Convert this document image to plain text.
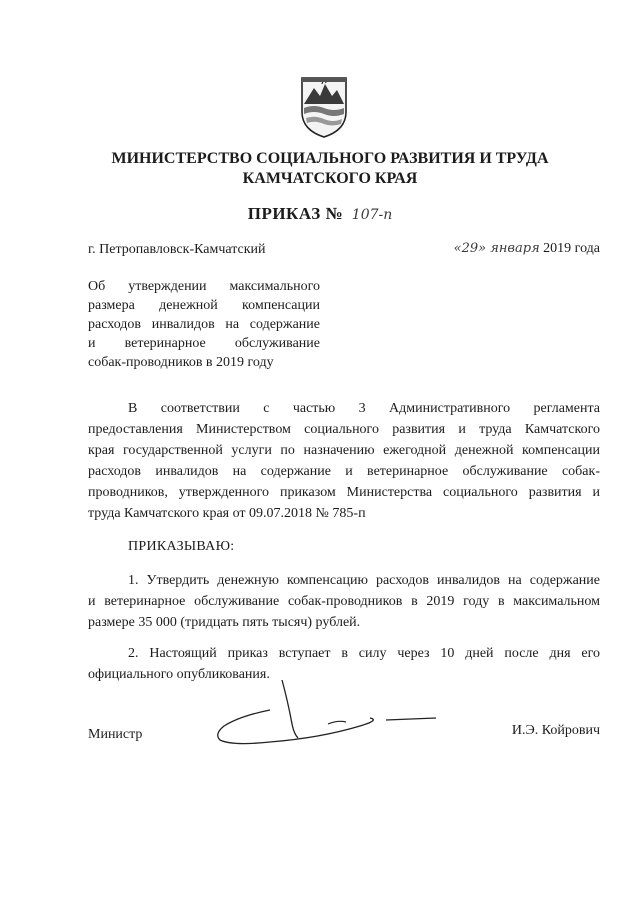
МИНИСТЕРСТВО СОЦИАЛЬНОГО РАЗВИТИЯ И ТРУДА
КАМЧАТСКОГО КРАЯ
ПРИКАЗ № 107-п
г. Петропавловск-Камчатский	«29» января 2019 года
Об утверждении максимального
размера денежной компенсации
расходов инвалидов на содержание
и ветеринарное обслуживание
собак-проводников в 2019 году
В соответствии с частью 3 Административного регламента
предоставления Министерством социального развития и труда Камчатского
края государственной услуги по назначению ежегодной денежной компенсации
расходов инвалидов на содержание и ветеринарное обслуживание собак-
проводников, утвержденного приказом Министерства социального развития и
труда Камчатского края от 09.07.2018 № 785-п
ПРИКАЗЫВАЮ:
1. Утвердить денежную компенсацию расходов инвалидов на содержание
и ветеринарное обслуживание собак-проводников в 2019 году в максимальном
размере 35 000 (тридцать пять тысяч) рублей.
2. Настоящий приказ вступает в силу через 10 дней после дня его
официального опубликования.
Министр	И.Э. Койрович
